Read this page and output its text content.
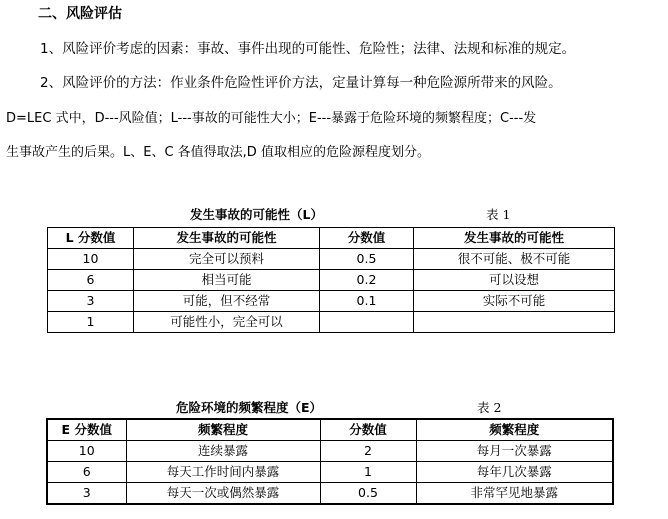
二、风险评估
1、风险评价考虑的因素：事故、事件出现的可能性、危险性；法律、法规和标准的规定。
2、风险评价的方法：作业条件危险性评价方法，定量计算每一种危险源所带来的风险。
D=LEC 式中，D---风险值；L---事故的可能性大小；E---暴露于危险环境的频繁程度；C---发
生事故产生的后果。L、E、C 各值得取法,D 值取相应的危险源程度划分。
发生事故的可能性（L）	表 1
L 分数值	发生事故的可能性	分数值	发生事故的可能性
10	完全可以预料	0.5	很不可能、极不可能
6	相当可能	0.2	可以设想
3	可能，但不经常	0.1	实际不可能
1	可能性小，完全可以		
危险环境的频繁程度（E）	表 2
E 分数值	频繁程度	分数值	频繁程度
10	连续暴露	2	每月一次暴露
6	每天工作时间内暴露	1	每年几次暴露
3	每天一次或偶然暴露	0.5	非常罕见地暴露
